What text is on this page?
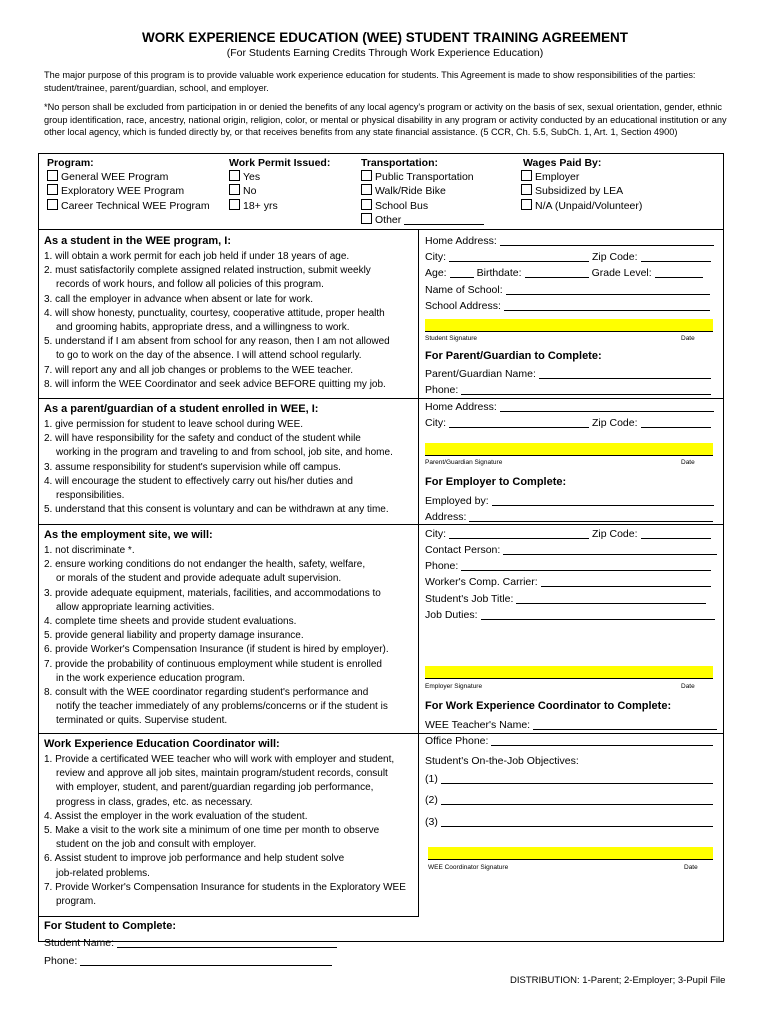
WORK EXPERIENCE EDUCATION (WEE) STUDENT TRAINING AGREEMENT
(For Students Earning Credits Through Work Experience Education)
The major purpose of this program is to provide valuable work experience education for students. This Agreement is made to show responsibilities of the parties: student/trainee, parent/guardian, school, and employer.
*No person shall be excluded from participation in or denied the benefits of any local agency's program or activity on the basis of sex, sexual orientation, gender, ethnic group identification, race, ancestry, national origin, religion, color, or mental or physical disability in any program or activity conducted by an educational institution or any other local agency, which is funded directly by, or that receives benefits from any state financial assistance. (5 CCR, Ch. 5.5, SubCh. 1, Art. 1, Section 4900)
Program:
General WEE Program
Exploratory WEE Program
Career Technical WEE Program
Work Permit Issued:
Yes
No
18+ yrs
Transportation:
Public Transportation
Walk/Ride Bike
School Bus
Other
Wages Paid By:
Employer
Subsidized by LEA
N/A (Unpaid/Volunteer)
As a student in the WEE program, I:
1. will obtain a work permit for each job held if under 18 years of age.
2. must satisfactorily complete assigned related instruction, submit weekly
records of work hours, and follow all policies of this program.
3. call the employer in advance when absent or late for work.
4. will show honesty, punctuality, courtesy, cooperative attitude, proper health
and grooming habits, appropriate dress, and a willingness to work.
5. understand if I am absent from school for any reason, then I am not allowed
to go to work on the day of the absence. I will attend school regularly.
7. will report any and all job changes or problems to the WEE teacher.
8. will inform the WEE Coordinator and seek advice BEFORE quitting my job.
As a parent/guardian of a student enrolled in WEE, I:
1. give permission for student to leave school during WEE.
2. will have responsibility for the safety and conduct of the student while
working in the program and traveling to and from school, job site, and home.
3. assume responsibility for student's supervision while off campus.
4. will encourage the student to effectively carry out his/her duties and
responsibilities.
5. understand that this consent is voluntary and can be withdrawn at any time.
As the employment site, we will:
1. not discriminate *.
2. ensure working conditions do not endanger the health, safety, welfare,
or morals of the student and provide adequate adult supervision.
3. provide adequate equipment, materials, facilities, and accommodations to
allow appropriate learning activities.
4. complete time sheets and provide student evaluations.
5. provide general liability and property damage insurance.
6. provide Worker's Compensation Insurance (if student is hired by employer).
7. provide the probability of continuous employment while student is enrolled
in the work experience education program.
8. consult with the WEE coordinator regarding student's performance and
notify the teacher immediately of any problems/concerns or if the student is
terminated or quits. Supervise student.
Work Experience Education Coordinator will:
1. Provide a certificated WEE teacher who will work with employer and student,
review and approve all job sites, maintain program/student records, consult
with employer, student, and parent/guardian regarding job performance,
progress in class, grades, etc. as necessary.
4. Assist the employer in the work evaluation of the student.
5. Make a visit to the work site a minimum of one time per month to observe
student on the job and consult with employer.
6. Assist student to improve job performance and help student solve
job-related problems.
7. Provide Worker's Compensation Insurance for students in the Exploratory WEE
program.
For Student to Complete:
Student Name:
Phone:
Home Address:
City:	Zip Code:
Age:	Birthdate:	Grade Level:
Name of School:
School Address:
Student Signature	Date
For Parent/Guardian to Complete:
Parent/Guardian Name:
Phone:
Home Address:
City:	Zip Code:
Parent/Guardian Signature	Date
For Employer to Complete:
Employed by:
Address:
City:	Zip Code:
Contact Person:
Phone:
Worker's Comp. Carrier:
Student's Job Title:
Job Duties:
Employer Signature	Date
For Work Experience Coordinator to Complete:
WEE Teacher's Name:
Office Phone:
Student's On-the-Job Objectives:
(1)
(2)
(3)
WEE Coordinator Signature	Date
DISTRIBUTION: 1-Parent; 2-Employer; 3-Pupil File
